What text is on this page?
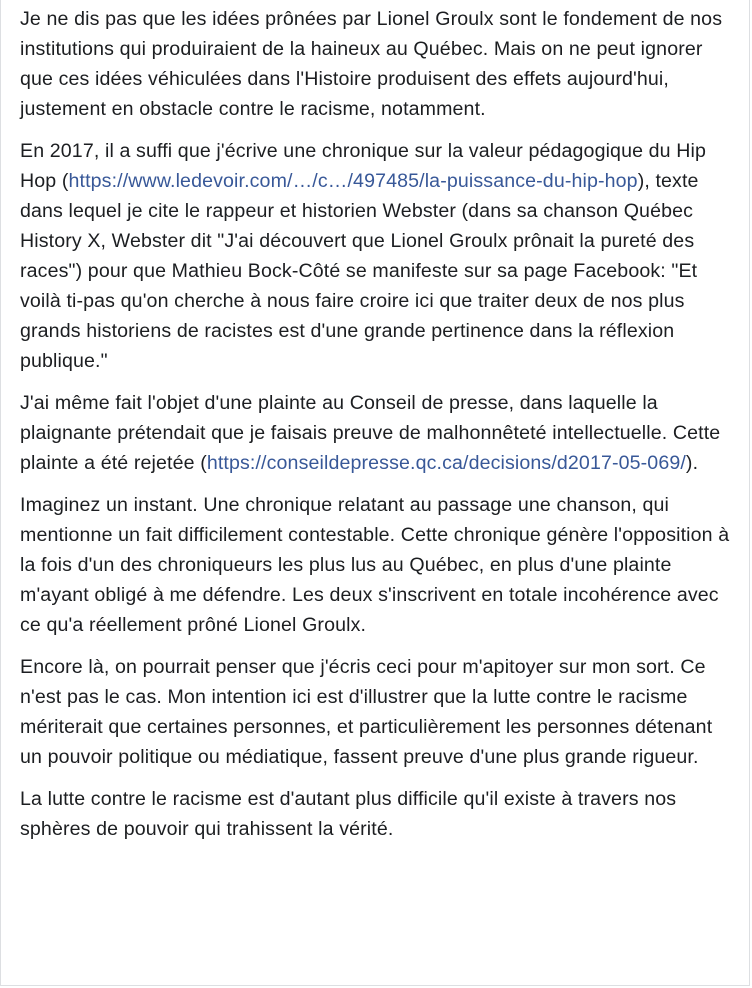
Je ne dis pas que les idées prônées par Lionel Groulx sont le fondement de nos institutions qui produiraient de la haineux au Québec. Mais on ne peut ignorer que ces idées véhiculées dans l'Histoire produisent des effets aujourd'hui, justement en obstacle contre le racisme, notamment.

En 2017, il a suffi que j'écrive une chronique sur la valeur pédagogique du Hip Hop (https://www.ledevoir.com/…/c…/497485/la-puissance-du-hip-hop), texte dans lequel je cite le rappeur et historien Webster (dans sa chanson Québec History X, Webster dit "J'ai découvert que Lionel Groulx prônait la pureté des races") pour que Mathieu Bock-Côté se manifeste sur sa page Facebook: "Et voilà ti-pas qu'on cherche à nous faire croire ici que traiter deux de nos plus grands historiens de racistes est d'une grande pertinence dans la réflexion publique."

J'ai même fait l'objet d'une plainte au Conseil de presse, dans laquelle la plaignante prétendait que je faisais preuve de malhonnêteté intellectuelle. Cette plainte a été rejetée (https://conseildepresse.qc.ca/decisions/d2017-05-069/).

Imaginez un instant. Une chronique relatant au passage une chanson, qui mentionne un fait difficilement contestable. Cette chronique génère l'opposition à la fois d'un des chroniqueurs les plus lus au Québec, en plus d'une plainte m'ayant obligé à me défendre. Les deux s'inscrivent en totale incohérence avec ce qu'a réellement prôné Lionel Groulx.

Encore là, on pourrait penser que j'écris ceci pour m'apitoyer sur mon sort. Ce n'est pas le cas. Mon intention ici est d'illustrer que la lutte contre le racisme mériterait que certaines personnes, et particulièrement les personnes détenant un pouvoir politique ou médiatique, fassent preuve d'une plus grande rigueur.

La lutte contre le racisme est d'autant plus difficile qu'il existe à travers nos sphères de pouvoir qui trahissent la vérité.
